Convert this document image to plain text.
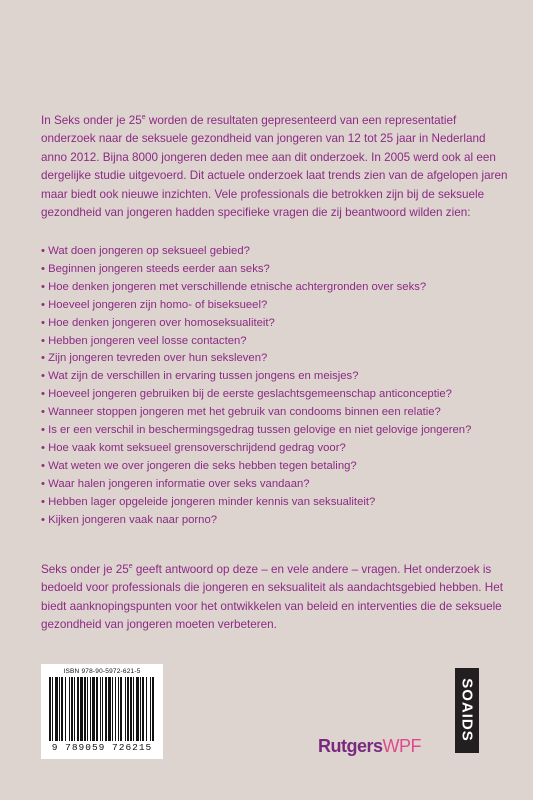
In Seks onder je 25e worden de resultaten gepresenteerd van een representatief onderzoek naar de seksuele gezondheid van jongeren van 12 tot 25 jaar in Nederland anno 2012. Bijna 8000 jongeren deden mee aan dit onderzoek. In 2005 werd ook al een dergelijke studie uitgevoerd. Dit actuele onderzoek laat trends zien van de afgelopen jaren maar biedt ook nieuwe inzichten. Vele professionals die betrokken zijn bij de seksuele gezondheid van jongeren hadden specifieke vragen die zij beantwoord wilden zien:

• Wat doen jongeren op seksueel gebied?
• Beginnen jongeren steeds eerder aan seks?
• Hoe denken jongeren met verschillende etnische achtergronden over seks?
• Hoeveel jongeren zijn homo- of biseksueel?
• Hoe denken jongeren over homoseksualiteit?
• Hebben jongeren veel losse contacten?
• Zijn jongeren tevreden over hun seksleven?
• Wat zijn de verschillen in ervaring tussen jongens en meisjes?
• Hoeveel jongeren gebruiken bij de eerste geslachtsgemeenschap anticonceptie?
• Wanneer stoppen jongeren met het gebruik van condooms binnen een relatie?
• Is er een verschil in beschermingsgedrag tussen gelovige en niet gelovige jongeren?
• Hoe vaak komt seksueel grensoverschrijdend gedrag voor?
• Wat weten we over jongeren die seks hebben tegen betaling?
• Waar halen jongeren informatie over seks vandaan?
• Hebben lager opgeleide jongeren minder kennis van seksualiteit?
• Kijken jongeren vaak naar porno?

Seks onder je 25e geeft antwoord op deze – en vele andere – vragen. Het onderzoek is bedoeld voor professionals die jongeren en seksualiteit als aandachtsgebied hebben. Het biedt aanknopingspunten voor het ontwikkelen van beleid en interventies die de seksuele gezondheid van jongeren moeten verbeteren.

ISBN 978-90-5972-621-5
9 789059 726215	RutgersWPF
SOAIDS
